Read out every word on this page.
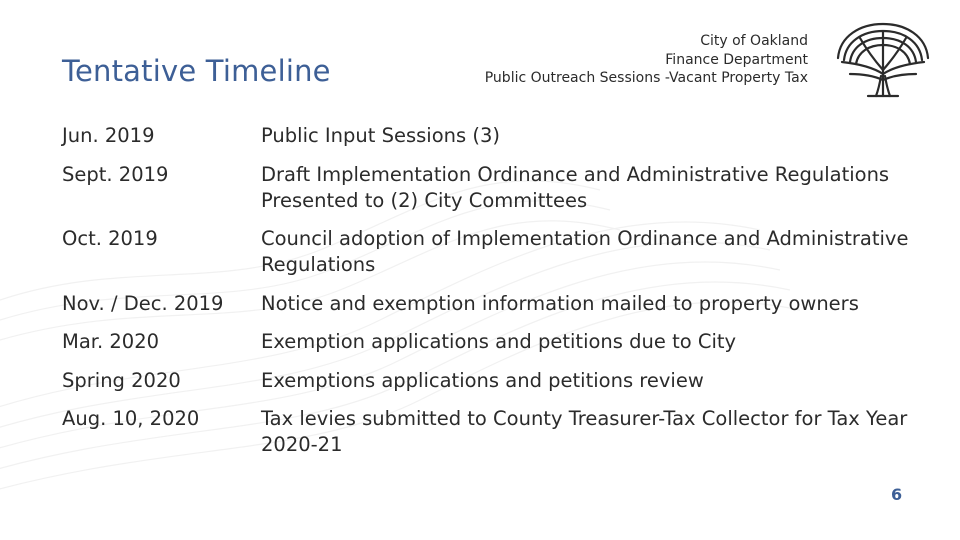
Tentative Timeline
City of Oakland
Finance Department
Public Outreach Sessions -Vacant Property Tax
Jun. 2019	Public Input Sessions (3)
Sept. 2019	Draft Implementation Ordinance and Administrative Regulations Presented to (2) City Committees
Oct. 2019	Council adoption of Implementation Ordinance and Administrative Regulations
Nov. / Dec. 2019	Notice and exemption information mailed to property owners
Mar. 2020	Exemption applications and petitions due to City
Spring 2020	Exemptions applications and petitions review
Aug. 10, 2020	Tax levies submitted to County Treasurer-Tax Collector for Tax Year 2020-21
6
